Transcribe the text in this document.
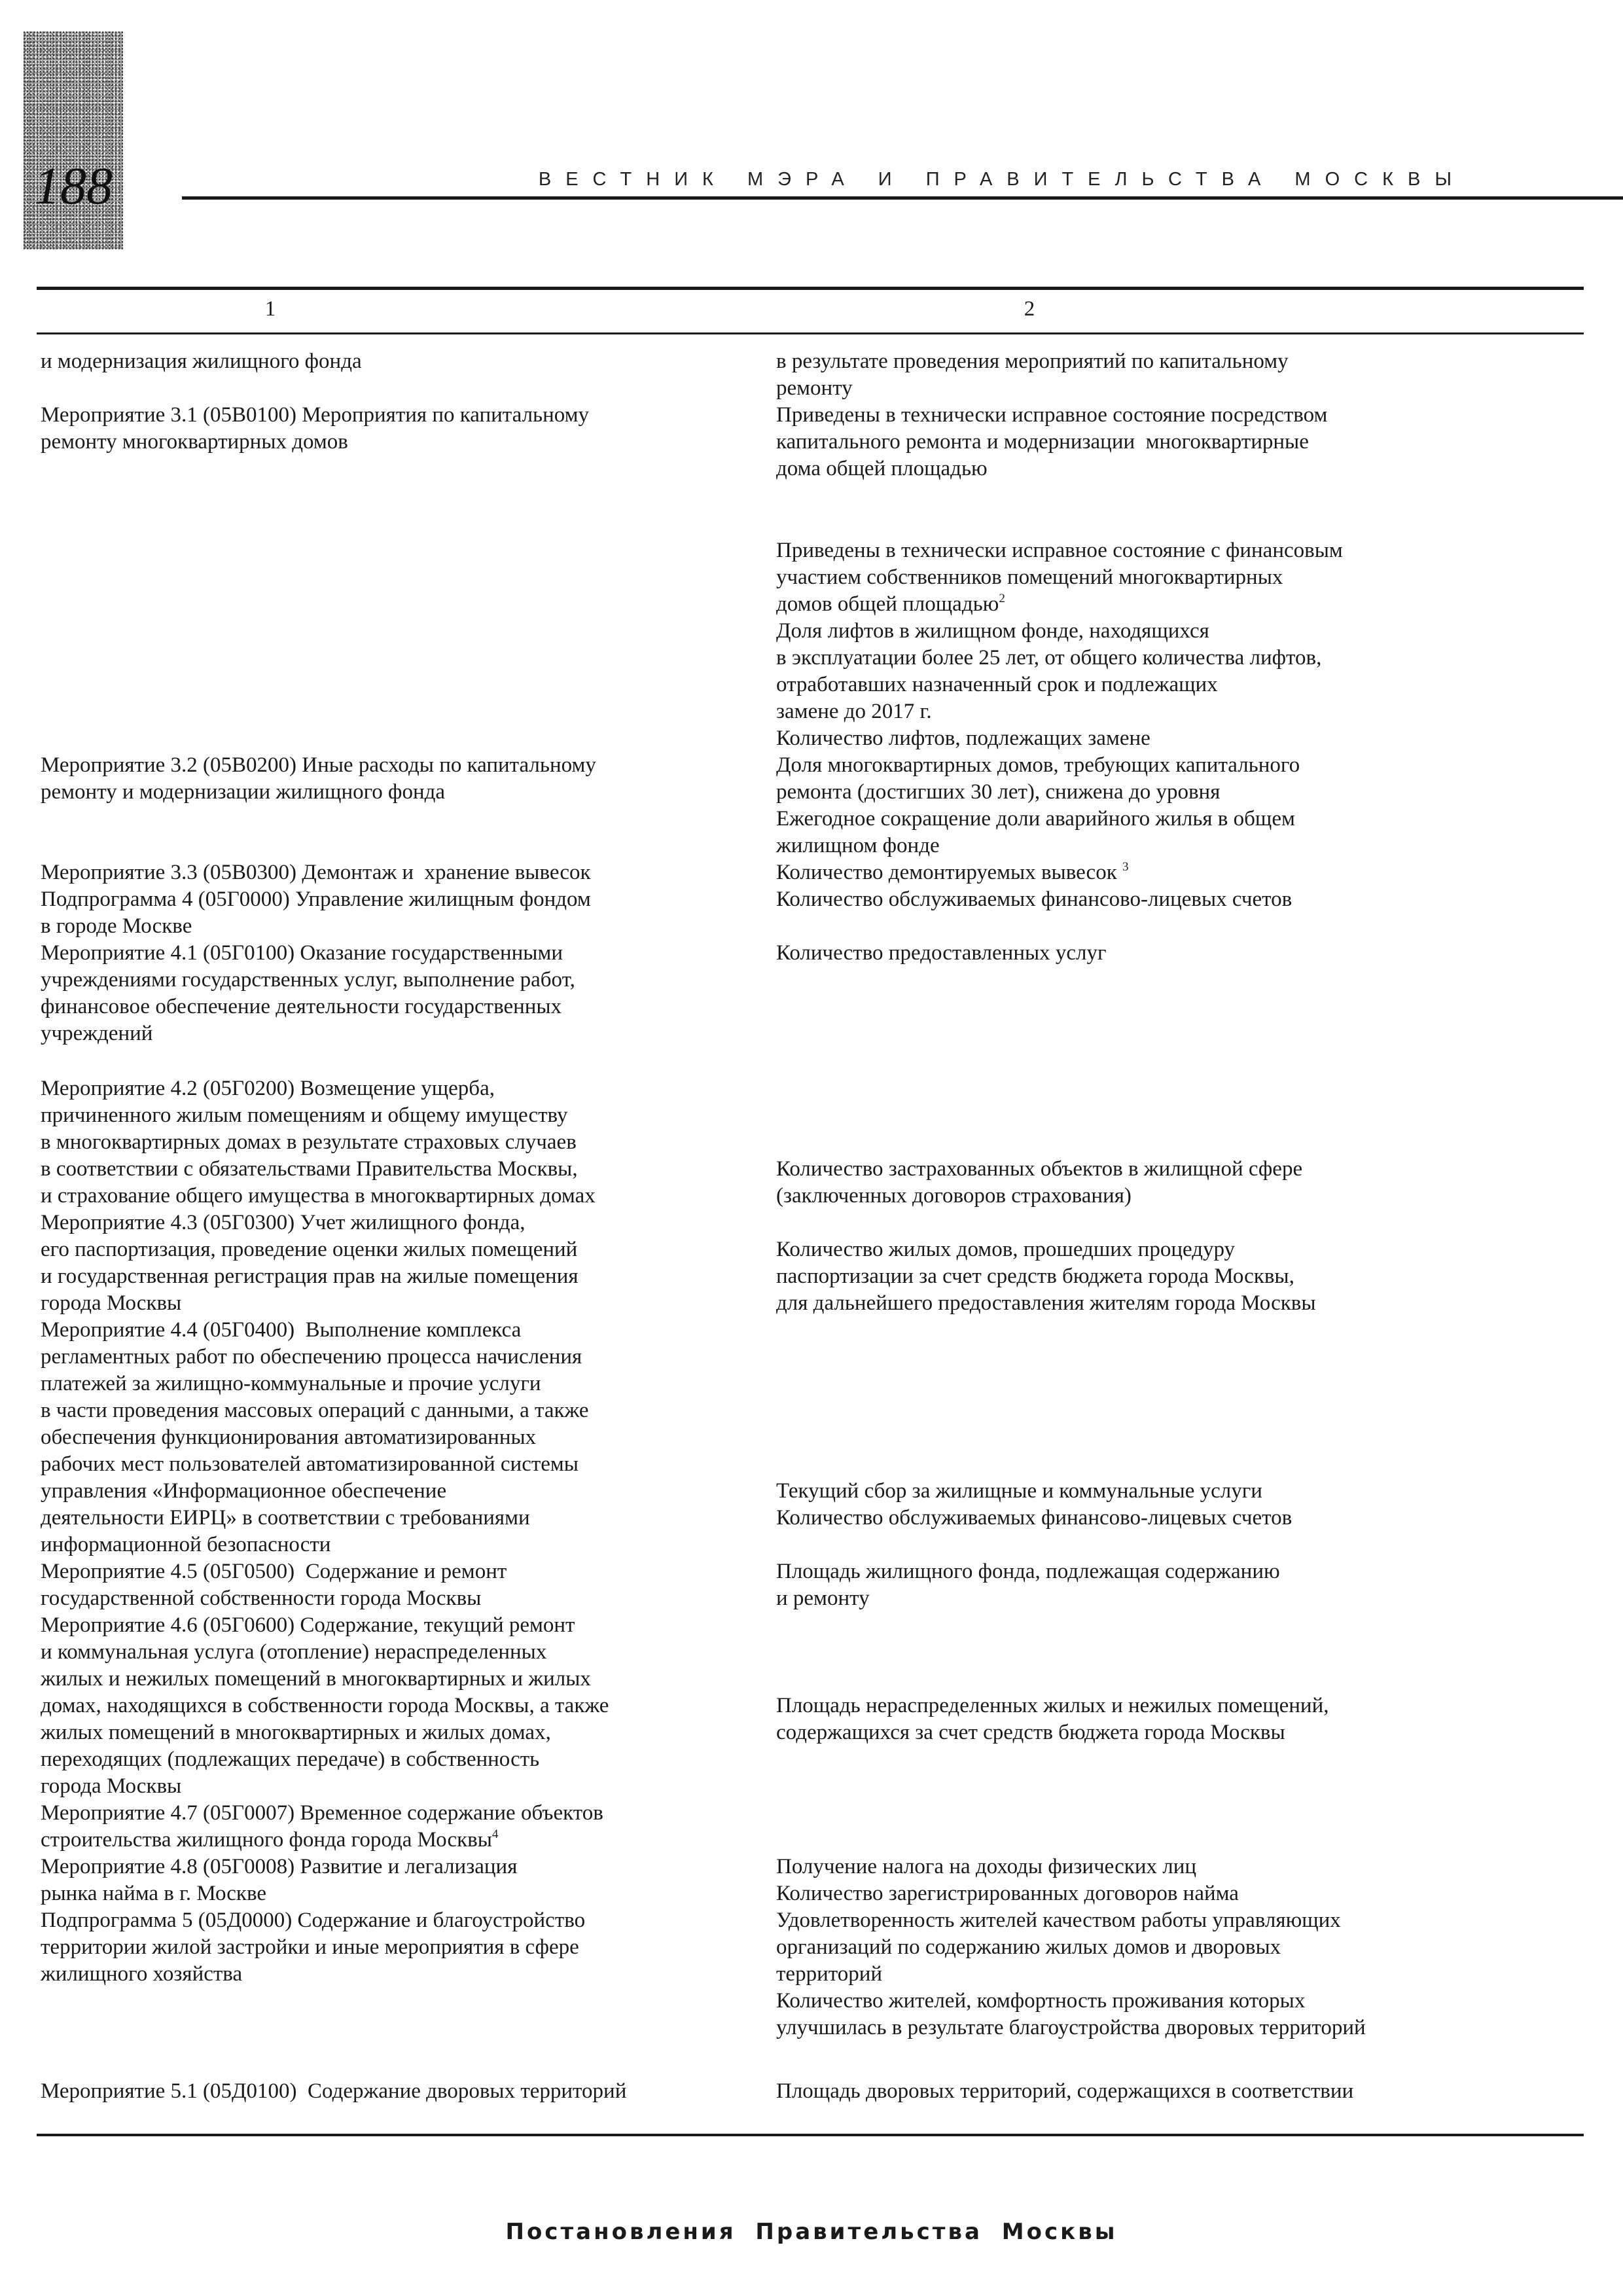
188	ВЕСТНИК МЭРА И ПРАВИТЕЛЬСТВА МОСКВЫ
1	2
и модернизация жилищного фонда
Мероприятие 3.1 (05В0100) Мероприятия по капитальному
ремонту многоквартирных домов
Мероприятие 3.2 (05В0200) Иные расходы по капитальному
ремонту и модернизации жилищного фонда
Мероприятие 3.3 (05В0300) Демонтаж и  хранение вывесок
Подпрограмма 4 (05Г0000) Управление жилищным фондом
в городе Москве
Мероприятие 4.1 (05Г0100) Оказание государственными
учреждениями государственных услуг, выполнение работ,
финансовое обеспечение деятельности государственных
учреждений
Мероприятие 4.2 (05Г0200) Возмещение ущерба,
причиненного жилым помещениям и общему имуществу
в многоквартирных домах в результате страховых случаев
в соответствии с обязательствами Правительства Москвы,
и страхование общего имущества в многоквартирных домах
Мероприятие 4.3 (05Г0300) Учет жилищного фонда,
его паспортизация, проведение оценки жилых помещений
и государственная регистрация прав на жилые помещения
города Москвы
Мероприятие 4.4 (05Г0400)  Выполнение комплекса
регламентных работ по обеспечению процесса начисления
платежей за жилищно-коммунальные и прочие услуги
в части проведения массовых операций с данными, а также
обеспечения функционирования автоматизированных
рабочих мест пользователей автоматизированной системы
управления «Информационное обеспечение
деятельности ЕИРЦ» в соответствии с требованиями
информационной безопасности
Мероприятие 4.5 (05Г0500)  Содержание и ремонт
государственной собственности города Москвы
Мероприятие 4.6 (05Г0600) Содержание, текущий ремонт
и коммунальная услуга (отопление) нераспределенных
жилых и нежилых помещений в многоквартирных и жилых
домах, находящихся в собственности города Москвы, а также
жилых помещений в многоквартирных и жилых домах,
переходящих (подлежащих передаче) в собственность
города Москвы
Мероприятие 4.7 (05Г0007) Временное содержание объектов
строительства жилищного фонда города Москвы$^4$
Мероприятие 4.8 (05Г0008) Развитие и легализация
рынка найма в г. Москве
Подпрограмма 5 (05Д0000) Содержание и благоустройство
территории жилой застройки и иные мероприятия в сфере
жилищного хозяйства
Мероприятие 5.1 (05Д0100)  Содержание дворовых территорий
в результате проведения мероприятий по капитальному
ремонту
Приведены в технически исправное состояние посредством
капитального ремонта и модернизации  многоквартирные
дома общей площадью
Приведены в технически исправное состояние с финансовым
участием собственников помещений многоквартирных
домов общей площадью$^2$
Доля лифтов в жилищном фонде, находящихся
в эксплуатации более 25 лет, от общего количества лифтов,
отработавших назначенный срок и подлежащих
замене до 2017 г.
Количество лифтов, подлежащих замене
Доля многоквартирных домов, требующих капитального
ремонта (достигших 30 лет), снижена до уровня
Ежегодное сокращение доли аварийного жилья в общем
жилищном фонде
Количество демонтируемых вывесок $^3$
Количество обслуживаемых финансово-лицевых счетов
Количество предоставленных услуг
Количество застрахованных объектов в жилищной сфере
(заключенных договоров страхования)
Количество жилых домов, прошедших процедуру
паспортизации за счет средств бюджета города Москвы,
для дальнейшего предоставления жителям города Москвы
Текущий сбор за жилищные и коммунальные услуги
Количество обслуживаемых финансово-лицевых счетов
Площадь жилищного фонда, подлежащая содержанию
и ремонту
Площадь нераспределенных жилых и нежилых помещений,
содержащихся за счет средств бюджета города Москвы
Получение налога на доходы физических лиц
Количество зарегистрированных договоров найма
Удовлетворенность жителей качеством работы управляющих
организаций по содержанию жилых домов и дворовых
территорий
Количество жителей, комфортность проживания которых
улучшилась в результате благоустройства дворовых территорий
Площадь дворовых территорий, содержащихся в соответствии
Постановления Правительства Москвы
